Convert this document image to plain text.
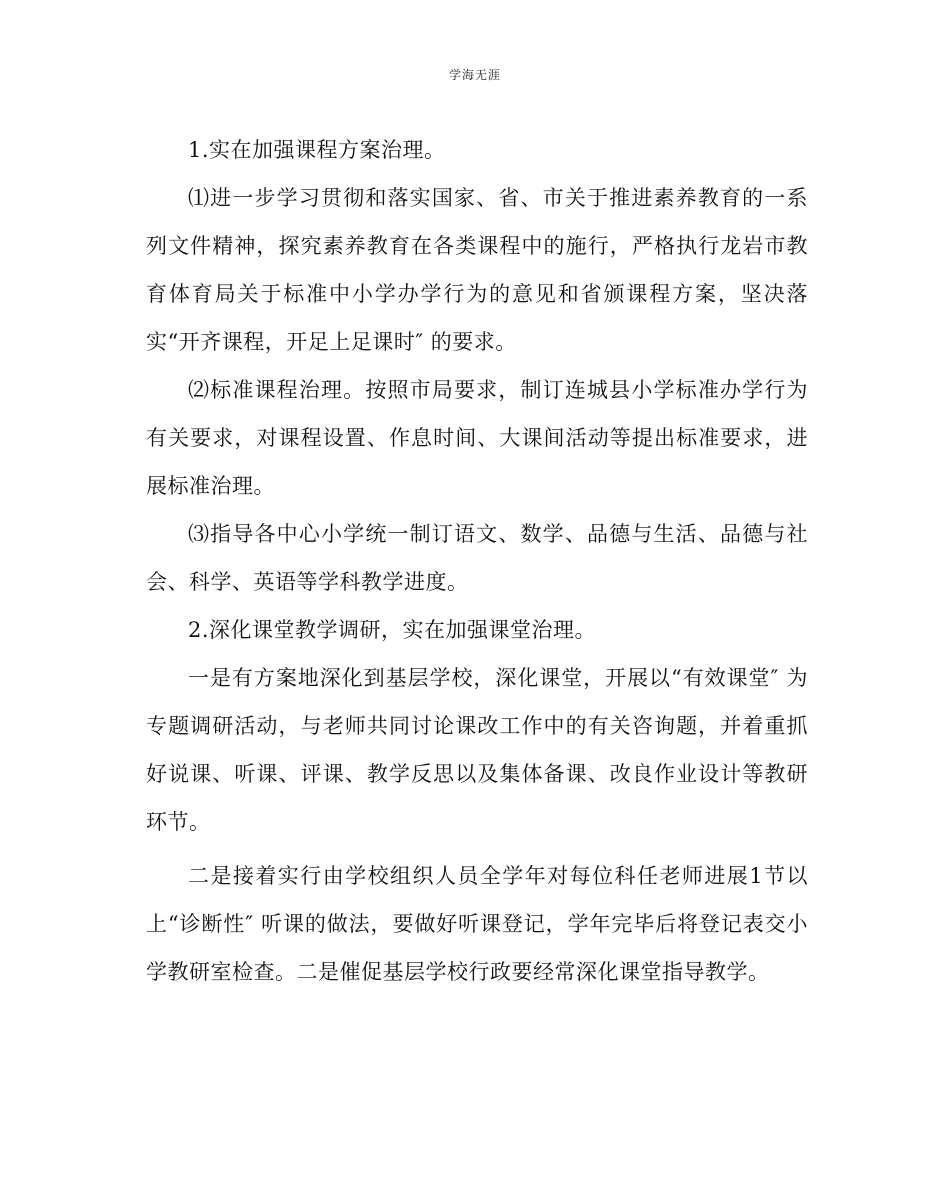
学海无涯

1.实在加强课程方案治理。

⑴进一步学习贯彻和落实国家、省、市关于推进素养教育的一系列文件精神，探究素养教育在各类课程中的施行，严格执行龙岩市教育体育局关于标准中小学办学行为的意见和省颁课程方案，坚决落实“开齐课程，开足上足课时″ 的要求。

⑵标准课程治理。按照市局要求，制订连城县小学标准办学行为有关要求，对课程设置、作息时间、大课间活动等提出标准要求，进展标准治理。

⑶指导各中心小学统一制订语文、数学、品德与生活、品德与社会、科学、英语等学科教学进度。

2.深化课堂教学调研，实在加强课堂治理。

一是有方案地深化到基层学校，深化课堂，开展以“有效课堂″ 为专题调研活动，与老师共同讨论课改工作中的有关咨询题，并着重抓好说课、听课、评课、教学反思以及集体备课、改良作业设计等教研环节。

二是接着实行由学校组织人员全学年对每位科任老师进展1节以上“诊断性″ 听课的做法，要做好听课登记，学年完毕后将登记表交小学教研室检查。二是催促基层学校行政要经常深化课堂指导教学。
